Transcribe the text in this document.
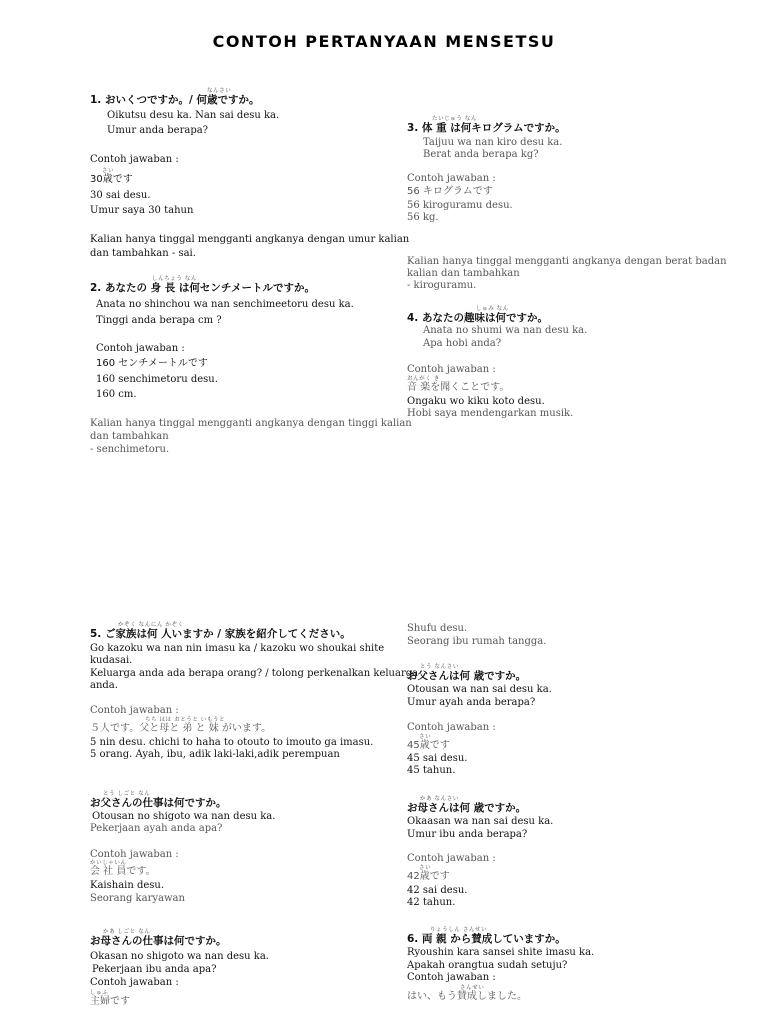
CONTOH PERTANYAAN MENSETSU
なんさい
1. おいくつですか。/ 何歳ですか。
Oikutsu desu ka. Nan sai desu ka.
Umur anda berapa?
Contoh jawaban :
さい
30歳です
30 sai desu.
Umur saya 30 tahun
Kalian hanya tinggal mengganti angkanya dengan umur kalian
dan tambahkan - sai.
しんちょう なん
2. あなたの 身 長 は何センチメートルですか。
Anata no shinchou wa nan senchimeetoru desu ka.
Tinggi anda berapa cm ?
Contoh jawaban :
160 センチメートルです
160 senchimetoru desu.
160 cm.
Kalian hanya tinggal mengganti angkanya dengan tinggi kalian
dan tambahkan
- senchimetoru.
かぞく なんにん かぞく
5. ご家族は何 人いますか / 家族を紹介してください。
Go kazoku wa nan nin imasu ka / kazoku wo shoukai shite
kudasai.
Keluarga anda ada berapa orang? / tolong perkenalkan keluarga
anda.
Contoh jawaban :
ちち はは おとうと いもうと
５人です。父と母と 弟 と 妹 がいます。
5 nin desu. chichi to haha to otouto to imouto ga imasu.
5 orang. Ayah, ibu, adik laki-laki,adik perempuan
とう しごと なん
お父さんの仕事は何ですか。
Otousan no shigoto wa nan desu ka.
Pekerjaan ayah anda apa?
Contoh jawaban :
かいしゃいん
会 社 員です。
Kaishain desu.
Seorang karyawan
かあ しごと なん
お母さんの仕事は何ですか。
Okasan no shigoto wa nan desu ka.
Pekerjaan ibu anda apa?
Contoh jawaban :
しゅふ
主婦です
たいじゅう なん
3. 体 重 は何キログラムですか。
Taijuu wa nan kiro desu ka.
Berat anda berapa kg?
Contoh jawaban :
56 キログラムです
56 kiroguramu desu.
56 kg.
Kalian hanya tinggal mengganti angkanya dengan berat badan
kalian dan tambahkan
- kiroguramu.
しゅみ なん
4. あなたの趣味は何ですか。
Anata no shumi wa nan desu ka.
Apa hobi anda?
Contoh jawaban :
おんがく き
音 楽を聞くことです。
Ongaku wo kiku koto desu.
Hobi saya mendengarkan musik.
Shufu desu.
Seorang ibu rumah tangga.
とう なんさい
お父さんは何 歳ですか。
Otousan wa nan sai desu ka.
Umur ayah anda berapa?
Contoh jawaban :
さい
45歳です
45 sai desu.
45 tahun.
かあ なんさい
お母さんは何 歳ですか。
Okaasan wa nan sai desu ka.
Umur ibu anda berapa?
Contoh jawaban :
さい
42歳です
42 sai desu.
42 tahun.
りょうしん さんせい
6. 両 親 から賛成していますか。
Ryoushin kara sansei shite imasu ka.
Apakah orangtua sudah setuju?
Contoh jawaban :
さんせい
はい、もう賛成しました。
